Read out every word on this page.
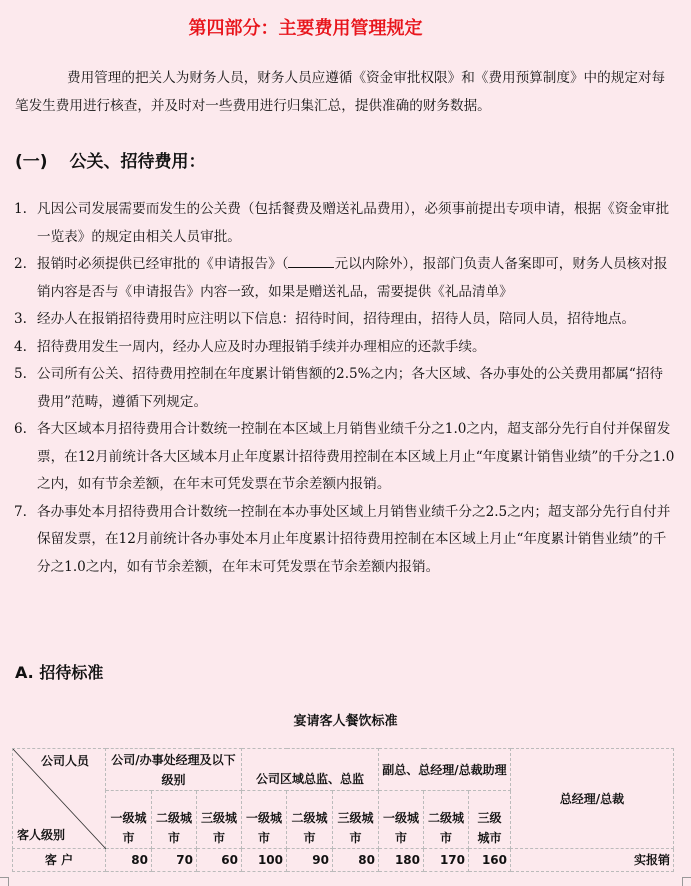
第四部分：主要费用管理规定
费用管理的把关人为财务人员，财务人员应遵循《资金审批权限》和《费用预算制度》中的规定对每笔发生费用进行核查，并及时对一些费用进行归集汇总，提供准确的财务数据。
(一) 公关、招待费用：
1. 凡因公司发展需要而发生的公关费（包括餐费及赠送礼品费用），必须事前提出专项申请，根据《资金审批一览表》的规定由相关人员审批。
2. 报销时必须提供已经审批的《申请报告》（	元以内除外），报部门负责人备案即可，财务人员核对报销内容是否与《申请报告》内容一致，如果是赠送礼品，需要提供《礼品清单》
3. 经办人在报销招待费用时应注明以下信息：招待时间，招待理由，招待人员，陪同人员，招待地点。
4. 招待费用发生一周内，经办人应及时办理报销手续并办理相应的还款手续。
5. 公司所有公关、招待费用控制在年度累计销售额的2.5%之内；各大区域、各办事处的公关费用都属“招待费用”范畴，遵循下列规定。
6. 各大区域本月招待费用合计数统一控制在本区域上月销售业绩千分之1.0之内，超支部分先行自付并保留发票，在12月前统计各大区域本月止年度累计招待费用控制在本区域上月止“年度累计销售业绩”的千分之1.0之内，如有节余差额，在年末可凭发票在节余差额内报销。
7. 各办事处本月招待费用合计数统一控制在本办事处区域上月销售业绩千分之2.5之内；超支部分先行自付并保留发票，在12月前统计各办事处本月止年度累计招待费用控制在本区域上月止“年度累计销售业绩”的千分之1.0之内，如有节余差额，在年末可凭发票在节余差额内报销。
A. 招待标准
宴请客人餐饮标准
公司人员
客人级别	公司/办事处经理及以下级别			公司区域总监、总监			副总、总经理/总裁助理			总经理/总裁
	一级城市	二级城市	三级城市	一级城市	二级城市	三级城市	一级城市	二级城市	三级城市	
客 户	80	70	60	100	90	80	180	170	160	实报销
